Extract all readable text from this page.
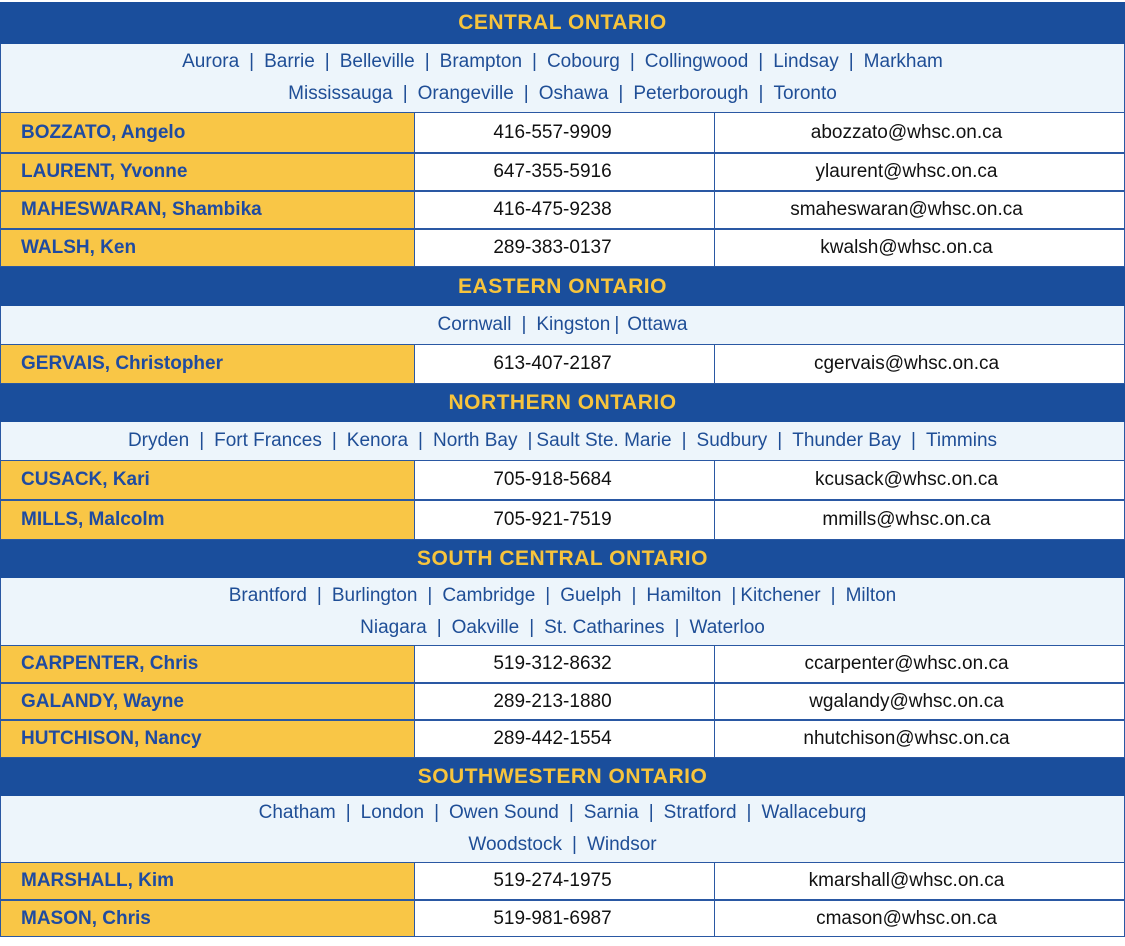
CENTRAL ONTARIO
Aurora | Barrie | Belleville | Brampton | Cobourg | Collingwood | Lindsay | Markham
Mississauga | Orangeville | Oshawa | Peterborough | Toronto
BOZZATO, Angelo	416-557-9909	abozzato@whsc.on.ca
LAURENT, Yvonne	647-355-5916	ylaurent@whsc.on.ca
MAHESWARAN, Shambika	416-475-9238	smaheswaran@whsc.on.ca
WALSH, Ken	289-383-0137	kwalsh@whsc.on.ca
EASTERN ONTARIO
Cornwall | Kingston | Ottawa
GERVAIS, Christopher	613-407-2187	cgervais@whsc.on.ca
NORTHERN ONTARIO
Dryden | Fort Frances | Kenora | North Bay | Sault Ste. Marie | Sudbury | Thunder Bay | Timmins
CUSACK, Kari	705-918-5684	kcusack@whsc.on.ca
MILLS, Malcolm	705-921-7519	mmills@whsc.on.ca
SOUTH CENTRAL ONTARIO
Brantford | Burlington | Cambridge | Guelph | Hamilton | Kitchener | Milton
Niagara | Oakville | St. Catharines | Waterloo
CARPENTER, Chris	519-312-8632	ccarpenter@whsc.on.ca
GALANDY, Wayne	289-213-1880	wgalandy@whsc.on.ca
HUTCHISON, Nancy	289-442-1554	nhutchison@whsc.on.ca
SOUTHWESTERN ONTARIO
Chatham | London | Owen Sound | Sarnia | Stratford | Wallaceburg
Woodstock | Windsor
MARSHALL, Kim	519-274-1975	kmarshall@whsc.on.ca
MASON, Chris	519-981-6987	cmason@whsc.on.ca
